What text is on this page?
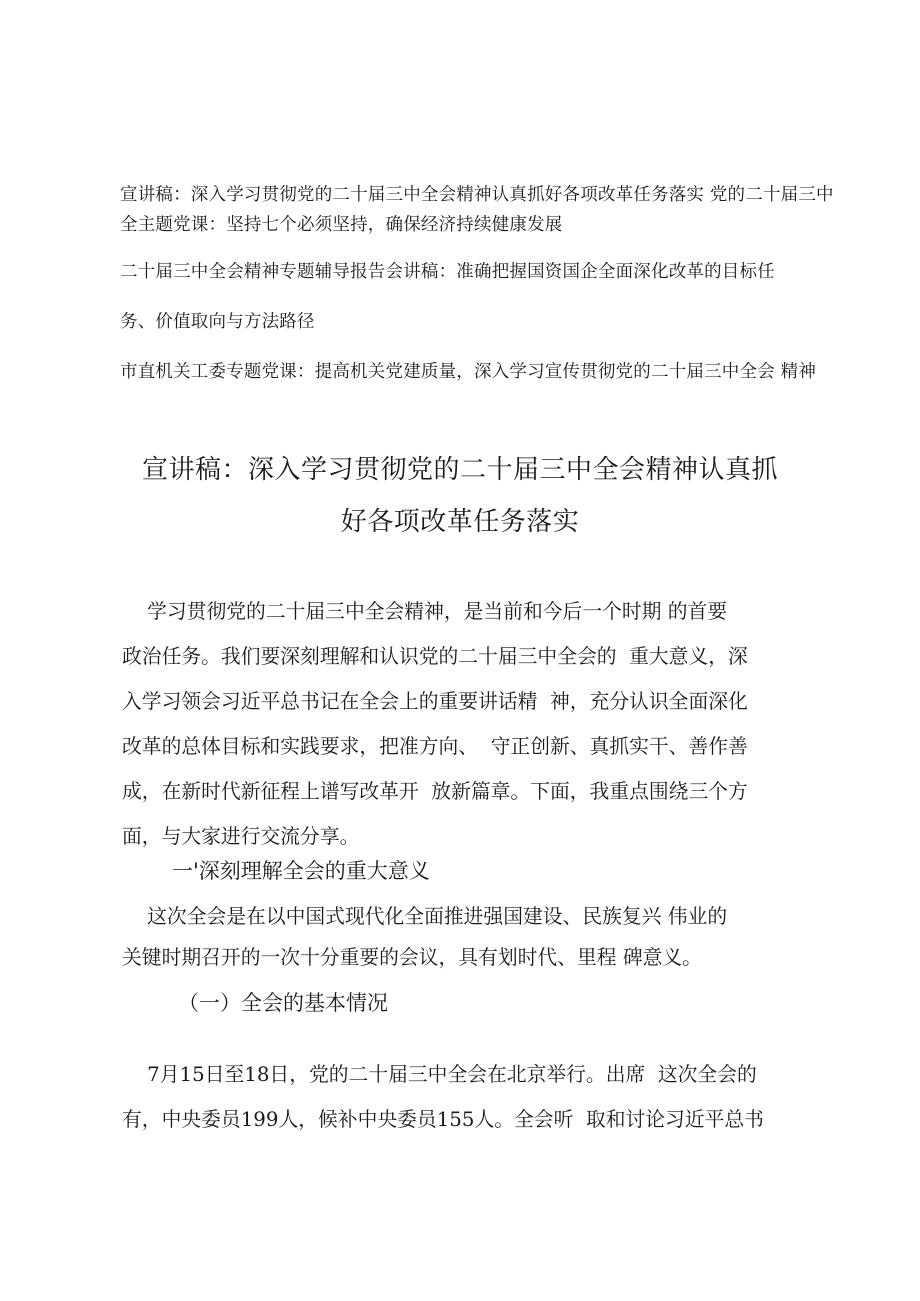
宣讲稿：深入学习贯彻党的二十届三中全会精神认真抓好各项改革任务落实 党的二十届三中
全主题党课：坚持七个必须坚持，确保经济持续健康发展
二十届三中全会精神专题辅导报告会讲稿：准确把握国资国企全面深化改革的目标任
务、价值取向与方法路径
市直机关工委专题党课：提高机关党建质量，深入学习宣传贯彻党的二十届三中全会 精神
宣讲稿：深入学习贯彻党的二十届三中全会精神认真抓
好各项改革任务落实
学习贯彻党的二十届三中全会精神，是当前和今后一个时期 的首要
政治任务。我们要深刻理解和认识党的二十届三中全会的  重大意义，深
入学习领会习近平总书记在全会上的重要讲话精  神，充分认识全面深化
改革的总体目标和实践要求，把准方向、  守正创新、真抓实干、善作善
成，在新时代新征程上谱写改革开  放新篇章。下面，我重点围绕三个方
面，与大家进行交流分享。
一'深刻理解全会的重大意义
这次全会是在以中国式现代化全面推进强国建设、民族复兴 伟业的
关键时期召开的一次十分重要的会议，具有划时代、里程 碑意义。
（一）全会的基本情况
7月15日至18日，党的二十届三中全会在北京举行。出席  这次全会的
有，中央委员199人，候补中央委员155人。全会听  取和讨论习近平总书
